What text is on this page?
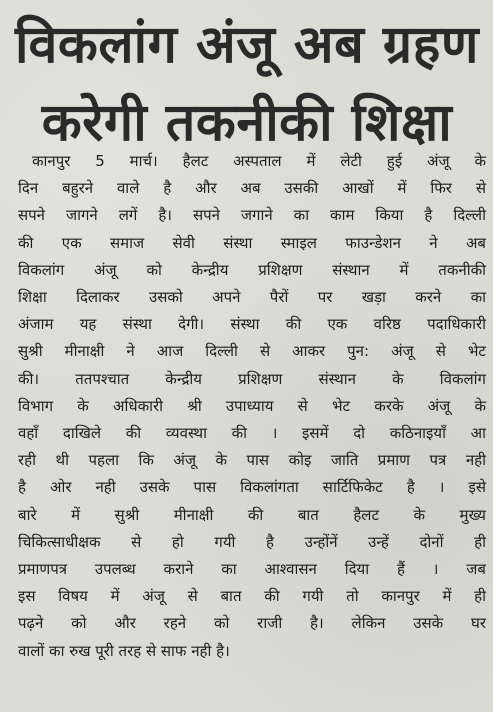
विकलांग अंजू अब ग्रहण
करेगी तकनीकी शिक्षा
कानपुर 5 मार्च। हैलट अस्पताल में लेटी हुई अंजू के
दिन बहुरने वाले है और अब उसकी आखों में फिर से
सपने जागने लगें है। सपने जगाने का काम किया है दिल्ली
की एक समाज सेवी संस्था स्माइल फाउन्डेशन ने अब
विकलांग अंजू को केन्द्रीय प्रशिक्षण संस्थान में तकनीकी
शिक्षा दिलाकर उसको अपने पैरों पर खड़ा करने का
अंजाम यह संस्था देगी। संस्था की एक वरिष्ठ पदाधिकारी
सुश्री मीनाक्षी ने आज दिल्ली से आकर पुन: अंजू से भेट
की। ततपश्चात केन्द्रीय प्रशिक्षण संस्थान के विकलांग
विभाग के अधिकारी श्री उपाध्याय से भेट करके अंजू के
वहाँ दाखिले की व्यवस्था की । इसमें दो कठिनाइयाँ आ
रही थी पहला कि अंजू के पास कोइ जाति प्रमाण पत्र नही
है ओर नही उसके पास विकलांगता सार्टिफिकेट है । इसे
बारे में सुश्री मीनाक्षी की बात हैलट के मुख्य
चिकित्साधीक्षक से हो गयी है उन्होंनें उन्हें दोनों ही
प्रमाणपत्र उपलब्ध कराने का आश्वासन दिया हैं । जब
इस विषय में अंजू से बात की गयी तो कानपुर में ही
पढ़ने को और रहने को राजी है। लेकिन उसके घर
वालों का रुख पूरी तरह से साफ नही है।
